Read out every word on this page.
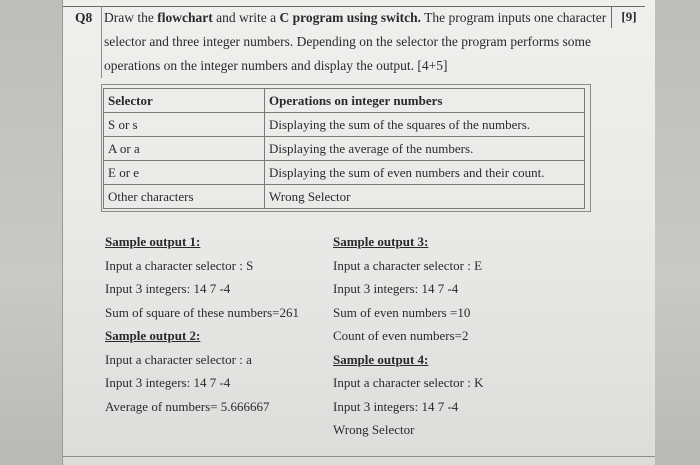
Q8 Draw the flowchart and write a C program using switch. The program inputs one character
selector and three integer numbers. Depending on the selector the program performs some
operations on the integer numbers and display the output. [4+5]
[9]
Selector	Operations on integer numbers
S or s	Displaying the sum of the squares of the numbers.
A or a	Displaying the average of the numbers.
E or e	Displaying the sum of even numbers and their count.
Other characters	Wrong Selector
Sample output 1:
Input a character selector : S
Input 3 integers: 14 7 -4
Sum of square of these numbers=261
Sample output 2:
Input a character selector : a
Input 3 integers: 14 7 -4
Average of numbers= 5.666667
Sample output 3:
Input a character selector : E
Input 3 integers: 14 7 -4
Sum of even numbers =10
Count of even numbers=2
Sample output 4:
Input a character selector : K
Input 3 integers: 14 7 -4
Wrong Selector
